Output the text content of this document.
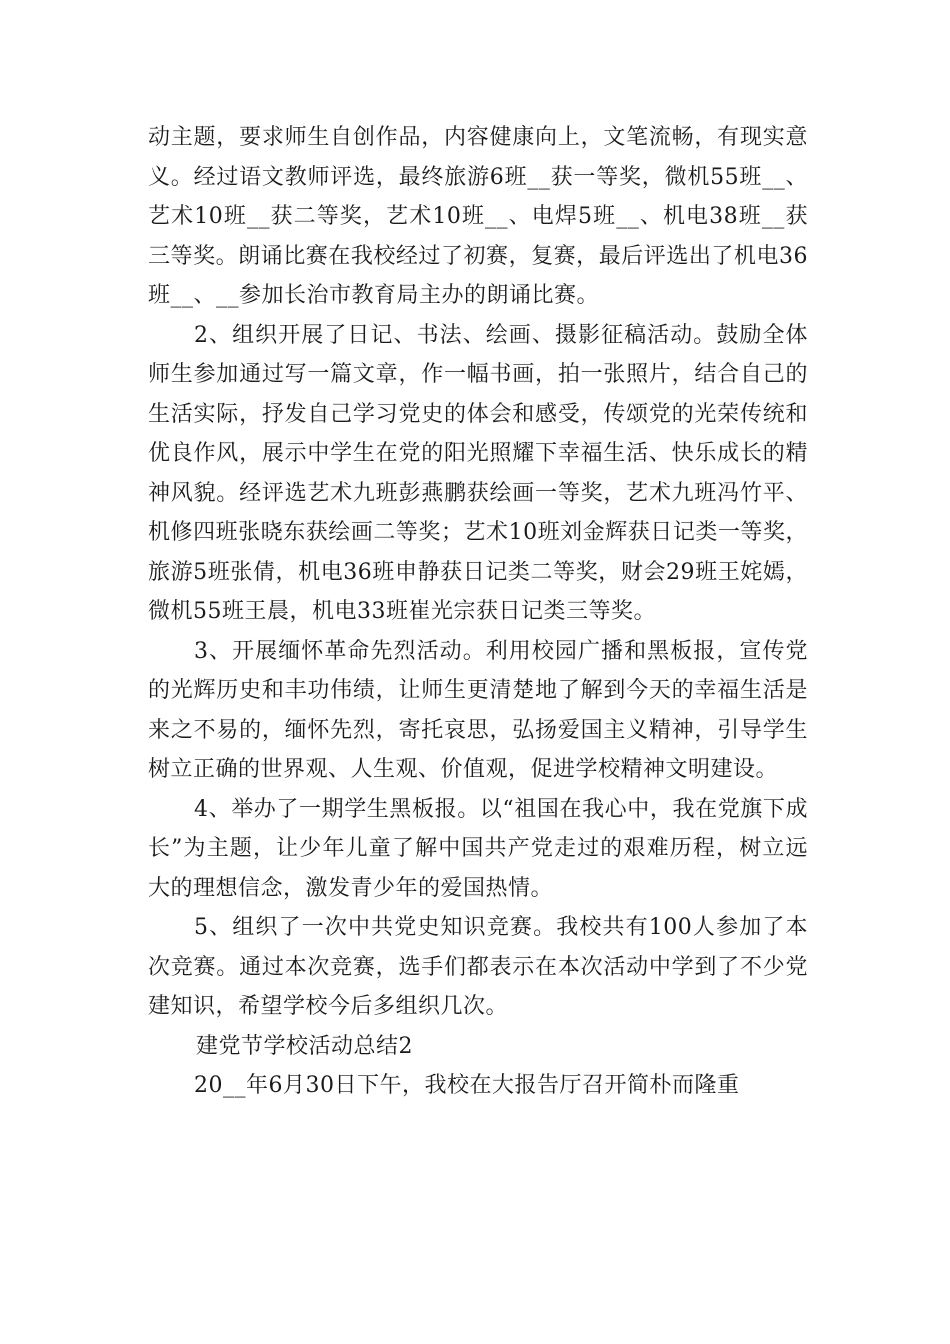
动主题，要求师生自创作品，内容健康向上，文笔流畅，有现实意义。经过语文教师评选，最终旅游6班__获一等奖，微机55班__、艺术10班__获二等奖，艺术10班__、电焊5班__、机电38班__获三等奖。朗诵比赛在我校经过了初赛，复赛，最后评选出了机电36班__、__参加长治市教育局主办的朗诵比赛。

2、组织开展了日记、书法、绘画、摄影征稿活动。鼓励全体师生参加通过写一篇文章，作一幅书画，拍一张照片，结合自己的生活实际，抒发自己学习党史的体会和感受，传颂党的光荣传统和优良作风，展示中学生在党的阳光照耀下幸福生活、快乐成长的精神风貌。经评选艺术九班彭燕鹏获绘画一等奖，艺术九班冯竹平、机修四班张晓东获绘画二等奖；艺术10班刘金辉获日记类一等奖，旅游5班张倩，机电36班申静获日记类二等奖，财会29班王姹嫣，微机55班王晨，机电33班崔光宗获日记类三等奖。

3、开展缅怀革命先烈活动。利用校园广播和黑板报，宣传党的光辉历史和丰功伟绩，让师生更清楚地了解到今天的幸福生活是来之不易的，缅怀先烈，寄托哀思，弘扬爱国主义精神，引导学生树立正确的世界观、人生观、价值观，促进学校精神文明建设。

4、举办了一期学生黑板报。以“祖国在我心中，我在党旗下成长”为主题，让少年儿童了解中国共产党走过的艰难历程，树立远大的理想信念，激发青少年的爱国热情。

5、组织了一次中共党史知识竞赛。我校共有100人参加了本次竞赛。通过本次竞赛，选手们都表示在本次活动中学到了不少党建知识，希望学校今后多组织几次。

建党节学校活动总结2

20__年6月30日下午，我校在大报告厅召开简朴而隆重
